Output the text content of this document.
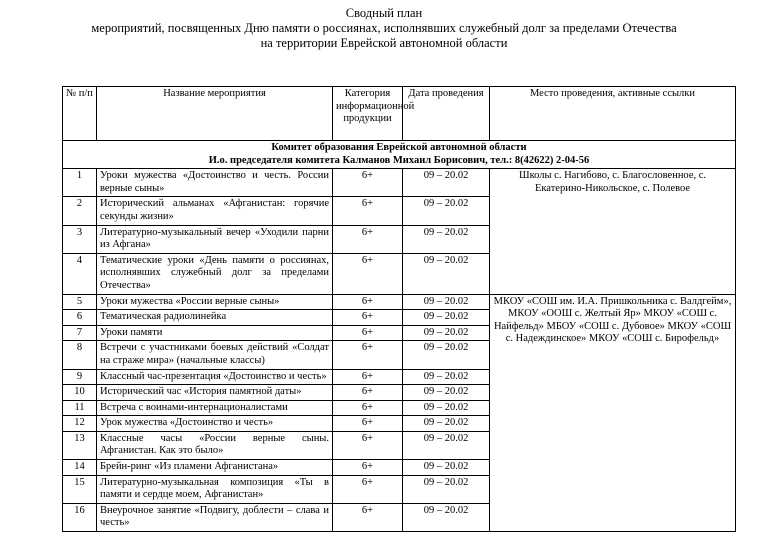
Сводный план
мероприятий, посвященных Дню памяти о россиянах, исполнявших служебный долг за пределами Отечества
на территории Еврейской автономной области
№ п/п	Название мероприятия	Категория информационной продукции	Дата проведения	Место проведения, активные ссылки

Комитет образования Еврейской автономной области
И.о. председателя комитета Калманов Михаил Борисович, тел.: 8(42622) 2-04-56				

1	Уроки мужества «Достоинство и честь. России верные сыны»	6+	09 – 20.02	Школы с. Нагибово, с. Благословенное, с. Екатерино-Никольское, с. Полевое
2	Исторический альманах «Афганистан: горячие секунды жизни»	6+	09 – 20.02	
3	Литературно-музыкальный вечер «Уходили парни из Афгана»	6+	09 – 20.02	
4	Тематические уроки «День памяти о россиянах, исполнявших служебный долг за пределами Отечества»	6+	09 – 20.02	
5	Уроки мужества «России верные сыны»	6+	09 – 20.02	МКОУ «СОШ им. И.А. Пришкольника с. Валдгейм», МКОУ «ООШ с. Желтый Яр» МКОУ «СОШ с. Найфельд» МБОУ «СОШ с. Дубовое» МКОУ «СОШ с. Надеждинское» МКОУ «СОШ с. Бирофельд»
6	Тематическая радиолинейка	6+	09 – 20.02	
7	Уроки памяти	6+	09 – 20.02	
8	Встречи с участниками боевых действий «Солдат на страже мира» (начальные классы)	6+	09 – 20.02	
9	Классный час-презентация «Достоинство и честь»	6+	09 – 20.02	
10	Исторический час «История памятной даты»	6+	09 – 20.02	
11	Встреча с воинами-интернационалистами	6+	09 – 20.02	
12	Урок мужества «Достоинство и честь»	6+	09 – 20.02	
13	Классные часы «России верные сыны. Афганистан. Как это было»	6+	09 – 20.02	
14	Брейн-ринг «Из пламени Афганистана»	6+	09 – 20.02	
15	Литературно-музыкальная композиция «Ты в памяти и сердце моем, Афганистан»	6+	09 – 20.02	
16	Внеурочное занятие «Подвигу, доблести – слава и честь»	6+	09 – 20.02	
